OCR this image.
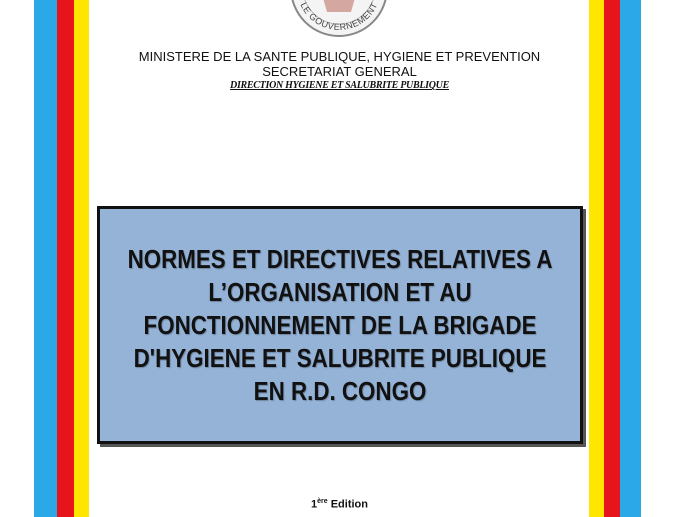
LE GOUVERNEMENT
MINISTERE DE LA SANTE PUBLIQUE, HYGIENE ET PREVENTION
SECRETARIAT GENERAL
DIRECTION HYGIENE ET SALUBRITE PUBLIQUE

NORMES ET DIRECTIVES RELATIVES A
L’ORGANISATION ET AU
FONCTIONNEMENT DE LA BRIGADE
D'HYGIENE ET SALUBRITE PUBLIQUE
EN R.D. CONGO

1ère Edition
